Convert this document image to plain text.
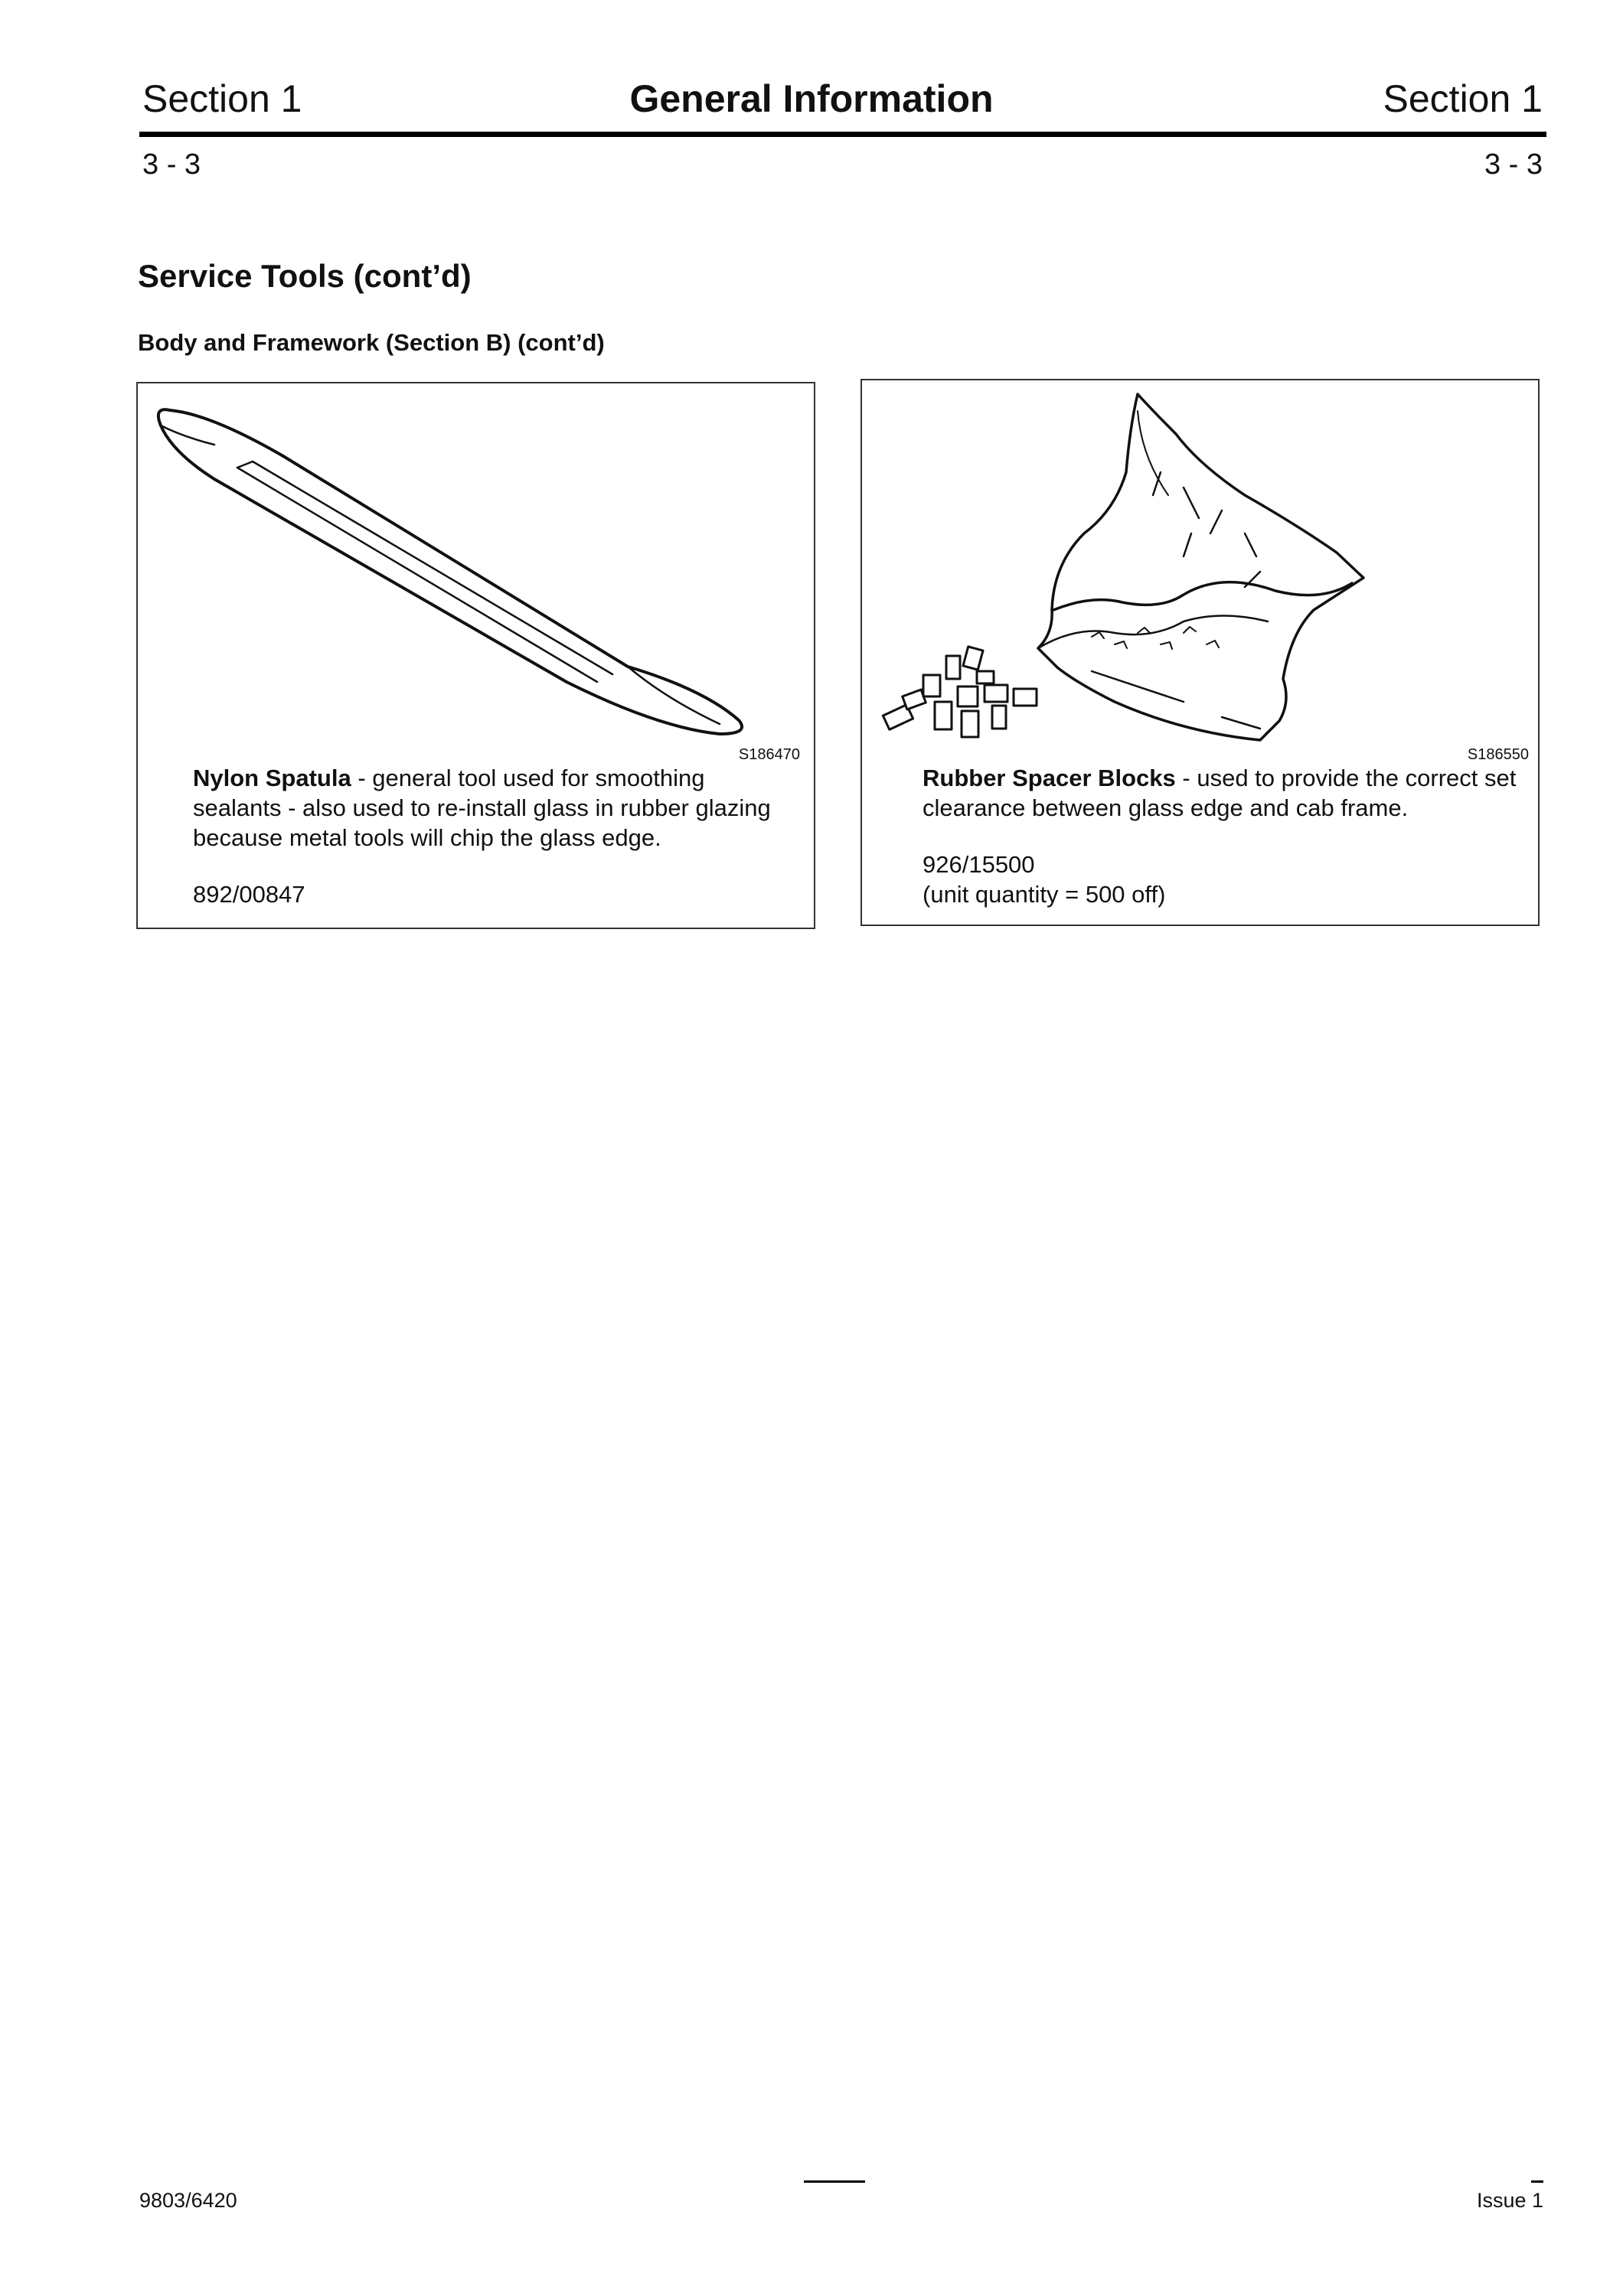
Section 1	General Information	Section 1
3 - 3	3 - 3
Service Tools (cont’d)
Body and Framework (Section B) (cont’d)
S186470
Nylon Spatula - general tool used for smoothing sealants - also used to re-install glass in rubber glazing because metal tools will chip the glass edge.
892/00847
S186550
Rubber Spacer Blocks - used to provide the correct set clearance between glass edge and cab frame.
926/15500
(unit quantity = 500 off)
9803/6420	Issue 1
